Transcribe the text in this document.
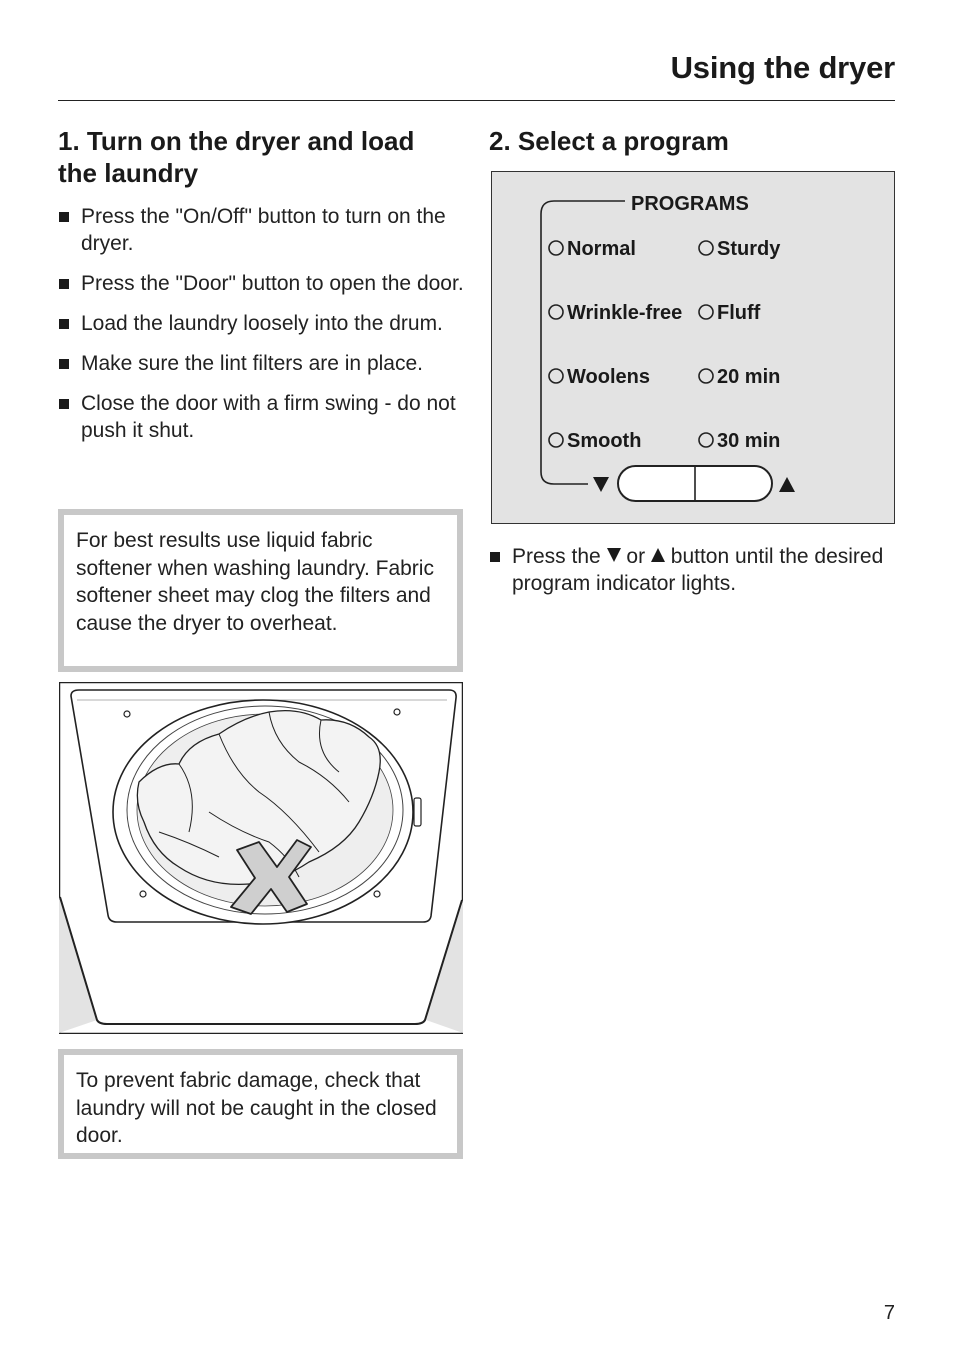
Using the dryer
1. Turn on the dryer and load the laundry
Press the "On/Off" button to turn on the dryer.
Press the "Door" button to open the door.
Load the laundry loosely into the drum.
Make sure the lint filters are in place.
Close the door with a firm swing - do not push it shut.
For best results use liquid fabric softener when washing laundry. Fabric softener sheet may clog the filters and cause the dryer to overheat.
To prevent fabric damage, check that laundry will not be caught in the closed door.
2. Select a program
PROGRAMS
Normal
Wrinkle-free
Woolens
Smooth
Sturdy
Fluff
20 min
30 min
Press the or button until the desired program indicator lights.
7
